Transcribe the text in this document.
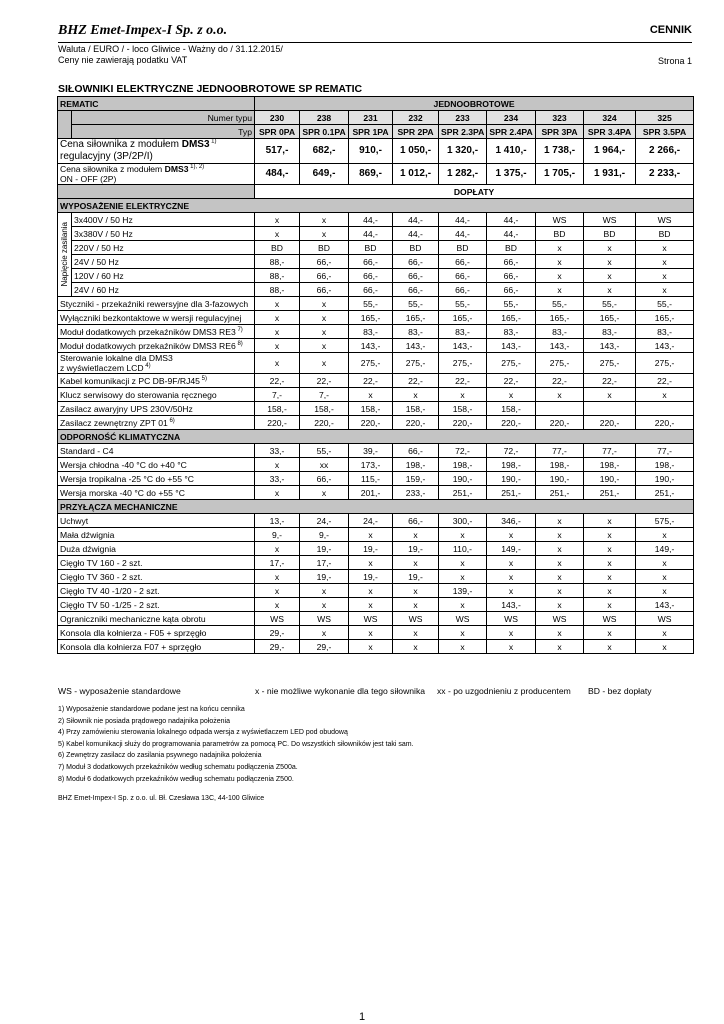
BHZ Emet-Impex-I Sp. z o.o.	CENNIK
Waluta / EURO / - loco Gliwice - Ważny do / 31.12.2015/
Ceny nie zawierają podatku VAT	Strona 1
SIŁOWNIKI ELEKTRYCZNE JEDNOOBROTOWE SP REMATIC
REMATIC		JEDNOOBROTOWE								
	Numer typu	230	238	231	232	233	234	323	324	325
	Typ	SPR 0PA	SPR 0.1PA	SPR 1PA	SPR 2PA	SPR 2.3PA	SPR 2.4PA	SPR 3PA	SPR 3.4PA	SPR 3.5PA
Cena siłownika z modułem DMS3 $^{1)}$
regulacyjny (3P/2P/I)		517,-	682,-	910,-	1 050,-	1 320,-	1 410,-	1 738,-	1 964,-	2 266,-
Cena siłownika z modułem DMS3 $^{1), 2)}$
ON - OFF (2P)		484,-	649,-	869,-	1 012,-	1 282,-	1 375,-	1 705,-	1 931,-	2 233,-
		DOPŁATY								
WYPOSAŻENIE ELEKTRYCZNE										

Napięcie zasilania	3x400V / 50 Hz	x	x	44,-	44,-	44,-	44,-	WS	WS	WS
	3x380V / 50 Hz	x	x	44,-	44,-	44,-	44,-	BD	BD	BD
	220V / 50 Hz	BD	BD	BD	BD	BD	BD	x	x	x
	24V / 50 Hz	88,-	66,-	66,-	66,-	66,-	66,-	x	x	x
	120V / 60 Hz	88,-	66,-	66,-	66,-	66,-	66,-	x	x	x
	24V / 60 Hz	88,-	66,-	66,-	66,-	66,-	66,-	x	x	x
Styczniki - przekaźniki rewersyjne dla 3-fazowych		x	x	55,-	55,-	55,-	55,-	55,-	55,-	55,-
Wyłączniki bezkontaktowe w wersji regulacyjnej		x	x	165,-	165,-	165,-	165,-	165,-	165,-	165,-
Moduł dodatkowych przekaźników DMS3 RE3 $^{7)}$		x	x	83,-	83,-	83,-	83,-	83,-	83,-	83,-
Moduł dodatkowych przekaźników DMS3 RE6 $^{8)}$		x	x	143,-	143,-	143,-	143,-	143,-	143,-	143,-
Sterowanie lokalne dla DMS3
z wyświetlaczem LCD $^{4)}$		x	x	275,-	275,-	275,-	275,-	275,-	275,-	275,-
Kabel komunikacji z PC DB-9F/RJ45 $^{5)}$		22,-	22,-	22,-	22,-	22,-	22,-	22,-	22,-	22,-
Klucz serwisowy do sterowania ręcznego		7,-	7,-	x	x	x	x	x	x	x
Zasilacz awaryjny UPS 230V/50Hz		158,-	158,-	158,-	158,-	158,-	158,-			
Zasilacz zewnętrzny ZPT 01 $^{6)}$		220,-	220,-	220,-	220,-	220,-	220,-	220,-	220,-	220,-
ODPORNOŚĆ KLIMATYCZNA										
Standard - C4		33,-	55,-	39,-	66,-	72,-	72,-	77,-	77,-	77,-
Wersja chłodna -40 °C do +40 °C		x	xx	173,-	198,-	198,-	198,-	198,-	198,-	198,-
Wersja tropikalna -25 °C do +55 °C		33,-	66,-	115,-	159,-	190,-	190,-	190,-	190,-	190,-
Wersja morska -40 °C do +55 °C		x	x	201,-	233,-	251,-	251,-	251,-	251,-	251,-
PRZYŁĄCZA MECHANICZNE										
Uchwyt		13,-	24,-	24,-	66,-	300,-	346,-	x	x	575,-
Mała dźwignia		9,-	9,-	x	x	x	x	x	x	x
Duża dźwignia		x	19,-	19,-	19,-	110,-	149,-	x	x	149,-
Cięgło TV 160 - 2 szt.		17,-	17,-	x	x	x	x	x	x	x
Cięgło TV 360 - 2 szt.		x	19,-	19,-	19,-	x	x	x	x	x
Cięgło TV 40 -1/20 - 2 szt.		x	x	x	x	139,-	x	x	x	x
Cięgło TV 50 -1/25 - 2 szt.		x	x	x	x	x	143,-	x	x	143,-
Ograniczniki mechaniczne kąta obrotu		WS	WS	WS	WS	WS	WS	WS	WS	WS
Konsola dla kołnierza - F05 + sprzęgło		29,-	x	x	x	x	x	x	x	x
Konsola dla kołnierza F07 + sprzęgło		29,-	29,-	x	x	x	x	x	x	x
WS - wyposażenie standardowe	x - nie możliwe wykonanie dla tego siłownika xx - po uzgodnieniu z producentem BD - bez dopłaty
1) Wyposażenie standardowe podane jest na końcu cennika
2) Siłownik nie posiada prądowego nadajnika położenia
4) Przy zamówieniu sterowania lokalnego odpada wersja z wyświetlaczem LED pod obudową
5) Kabel komunikacji służy do programowania parametrów za pomocą PC. Do wszystkich siłowników jest taki sam.
6) Zewnętrzy zasilacz do zasilania psywnego nadajnika położenia
7) Moduł 3 dodatkowych przekaźników według schematu podłączenia Z500a.
8) Moduł 6 dodatkowych przekaźników według schematu podłączenia Z500.
BHZ Emet-Impex-I Sp. z o.o. ul. Bł. Czesława 13C, 44-100 Gliwice
1
